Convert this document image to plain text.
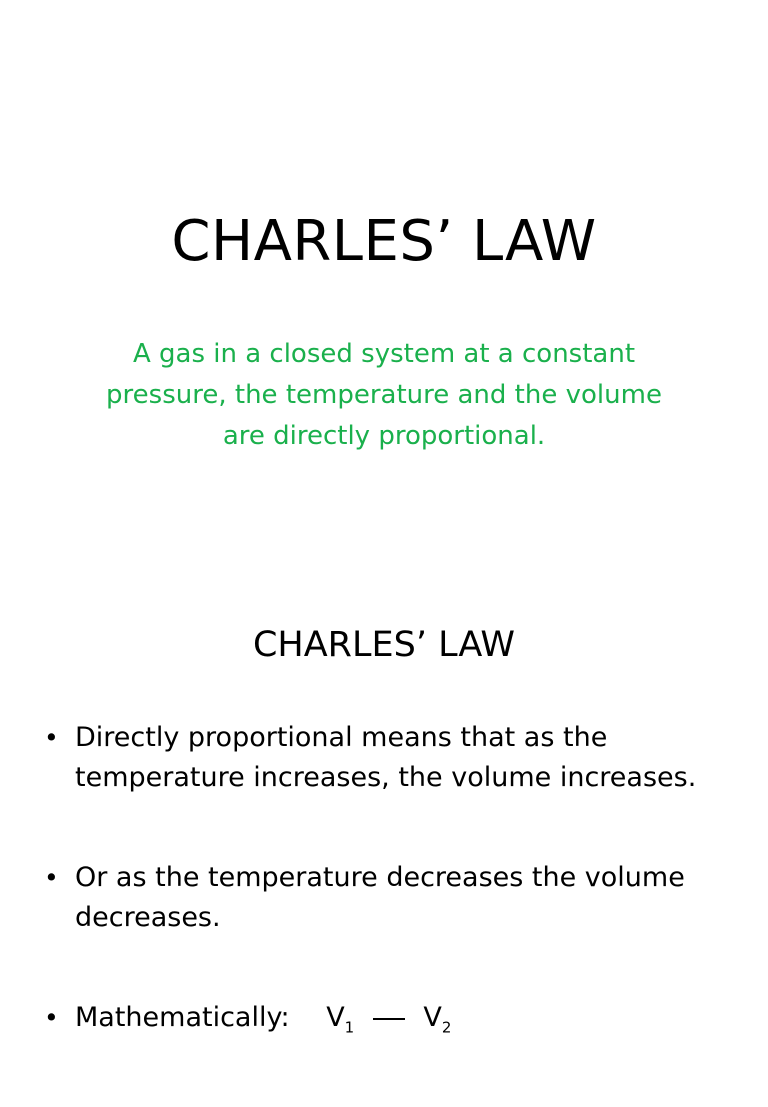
CHARLES’ LAW
A gas in a closed system at a constant pressure, the temperature and the volume are directly proportional.
CHARLES’ LAW
• Directly proportional means that as the temperature increases, the volume increases.
• Or as the temperature decreases the volume decreases.
• Mathematically: $V_1$	$V_2$
